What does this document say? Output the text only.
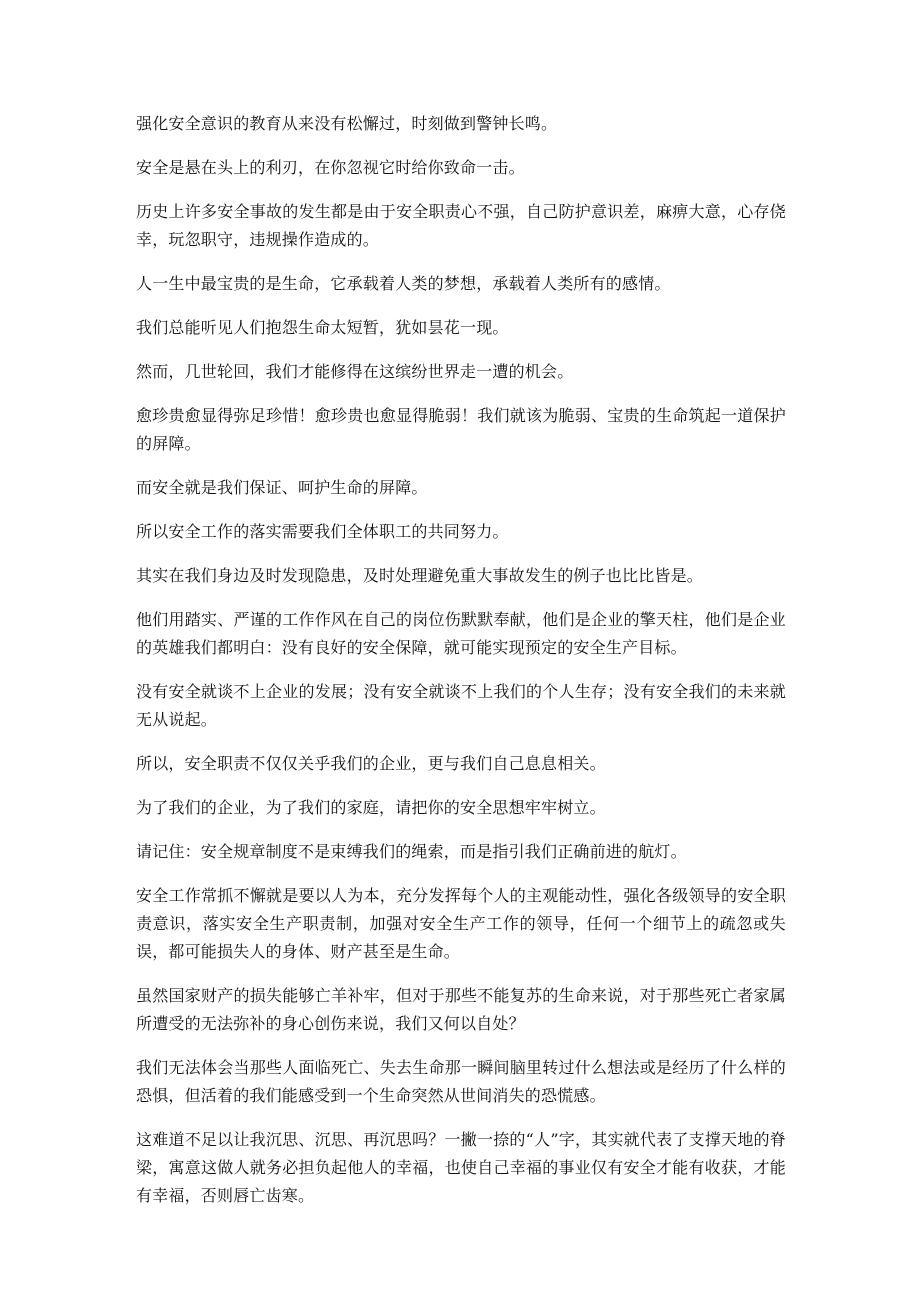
强化安全意识的教育从来没有松懈过，时刻做到警钟长鸣。

安全是悬在头上的利刃，在你忽视它时给你致命一击。

历史上许多安全事故的发生都是由于安全职责心不强，自己防护意识差，麻痹大意，心存侥幸，玩忽职守，违规操作造成的。

人一生中最宝贵的是生命，它承载着人类的梦想，承载着人类所有的感情。

我们总能听见人们抱怨生命太短暂，犹如昙花一现。

然而，几世轮回，我们才能修得在这缤纷世界走一遭的机会。

愈珍贵愈显得弥足珍惜！愈珍贵也愈显得脆弱！我们就该为脆弱、宝贵的生命筑起一道保护的屏障。

而安全就是我们保证、呵护生命的屏障。

所以安全工作的落实需要我们全体职工的共同努力。

其实在我们身边及时发现隐患，及时处理避免重大事故发生的例子也比比皆是。

他们用踏实、严谨的工作作风在自己的岗位伤默默奉献，他们是企业的擎天柱，他们是企业的英雄我们都明白：没有良好的安全保障，就可能实现预定的安全生产目标。

没有安全就谈不上企业的发展；没有安全就谈不上我们的个人生存；没有安全我们的未来就无从说起。

所以，安全职责不仅仅关乎我们的企业，更与我们自己息息相关。

为了我们的企业，为了我们的家庭，请把你的安全思想牢牢树立。

请记住：安全规章制度不是束缚我们的绳索，而是指引我们正确前进的航灯。

安全工作常抓不懈就是要以人为本，充分发挥每个人的主观能动性，强化各级领导的安全职责意识，落实安全生产职责制，加强对安全生产工作的领导，任何一个细节上的疏忽或失误，都可能损失人的身体、财产甚至是生命。

虽然国家财产的损失能够亡羊补牢，但对于那些不能复苏的生命来说，对于那些死亡者家属所遭受的无法弥补的身心创伤来说，我们又何以自处？

我们无法体会当那些人面临死亡、失去生命那一瞬间脑里转过什么想法或是经历了什么样的恐惧，但活着的我们能感受到一个生命突然从世间消失的恐慌感。

这难道不足以让我沉思、沉思、再沉思吗？一撇一捺的“人”字，其实就代表了支撑天地的脊梁，寓意这做人就务必担负起他人的幸福，也使自己幸福的事业仅有安全才能有收获，才能有幸福，否则唇亡齿寒。
